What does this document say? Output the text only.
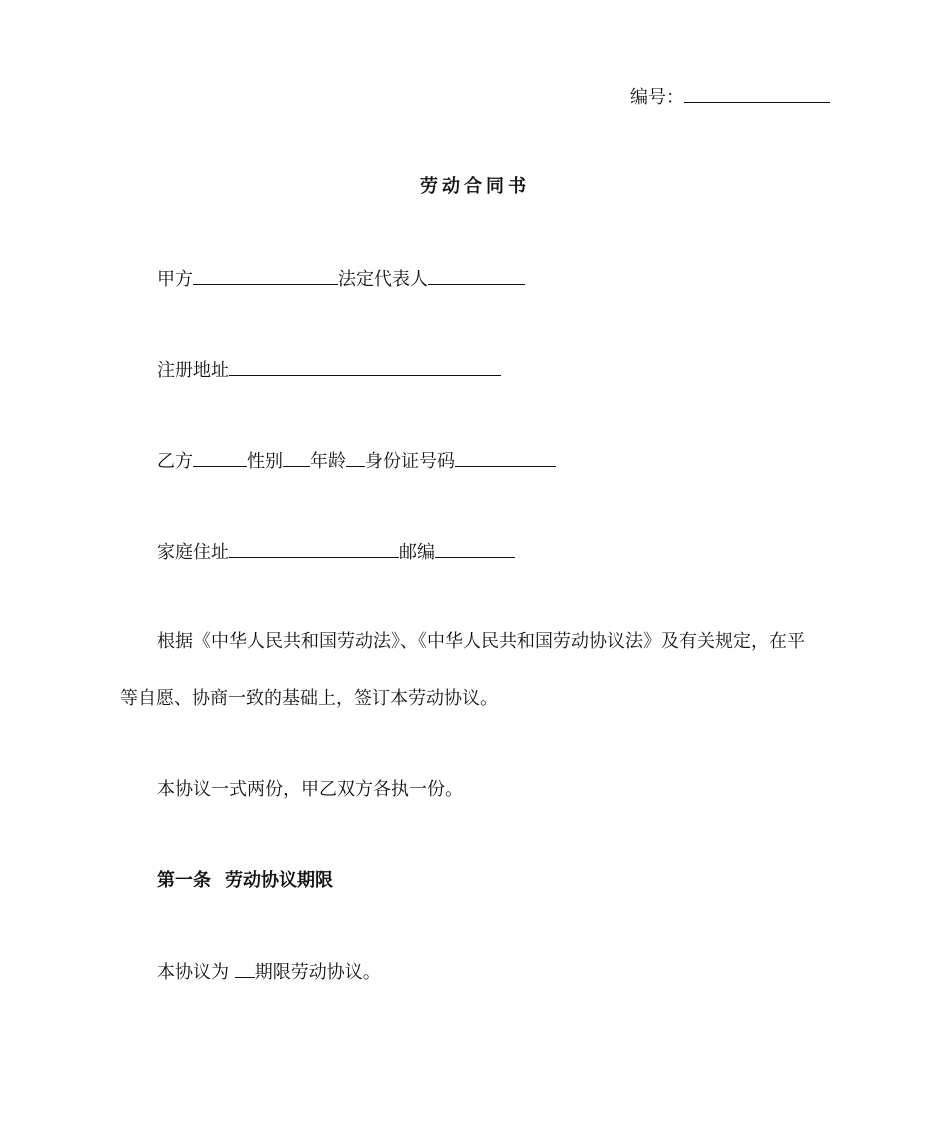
编号：
劳动合同书
甲方	法定代表人
注册地址
乙方	性别 年龄 身份证号码
家庭住址	邮编
根据《中华人民共和国劳动法》、《中华人民共和国劳动协议法》及有关规定，在平
等自愿、协商一致的基础上，签订本劳动协议。
本协议一式两份，甲乙双方各执一份。
第一条 劳动协议期限
本协议为 期限劳动协议。
